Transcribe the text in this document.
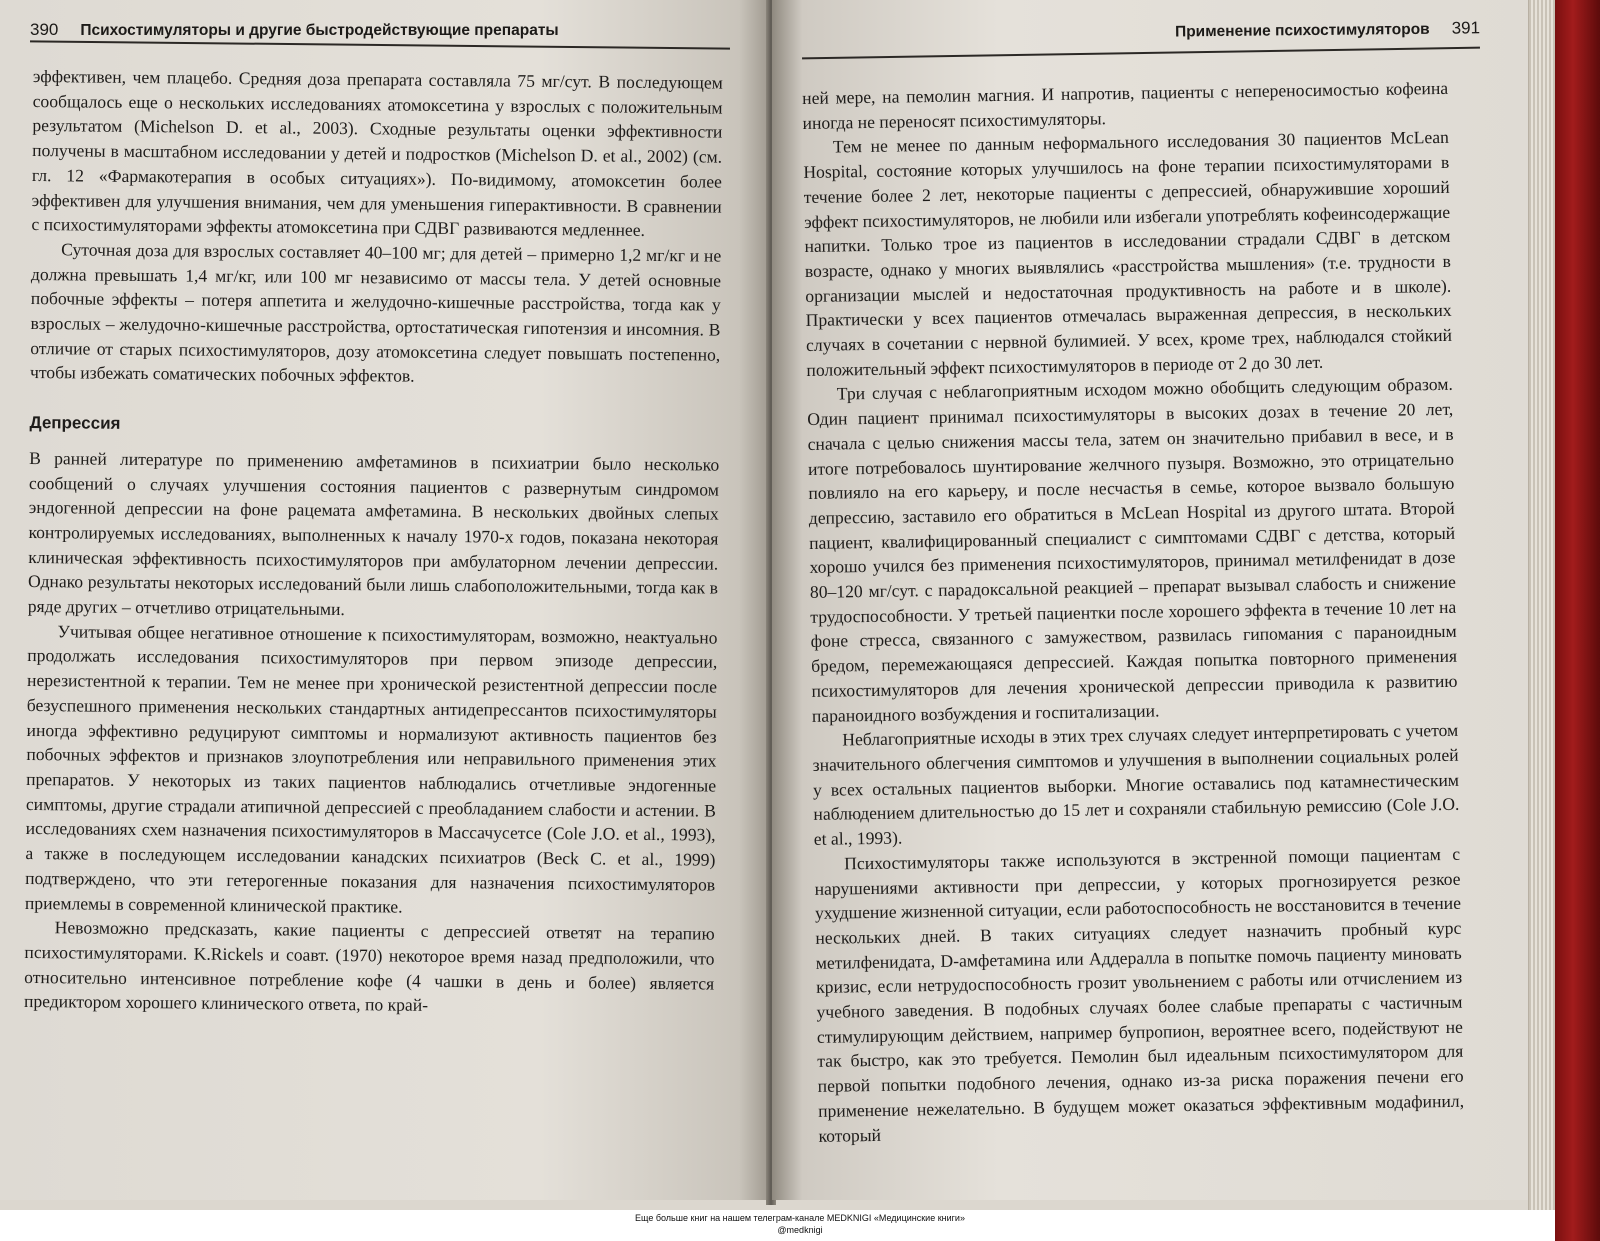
390 Психостимуляторы и другие быстродействующие препараты

эффективен, чем плацебо. Средняя доза препарата составляла 75 мг/сут. В последующем сообщалось еще о нескольких исследованиях атомоксетина у взрослых с положительным результатом (Michelson D. et al., 2003). Сходные результаты оценки эффективности получены в масштабном исследовании у детей и подростков (Michelson D. et al., 2002) (см. гл. 12 «Фармакотерапия в особых ситуациях»). По-видимому, атомоксетин более эффективен для улучшения внимания, чем для уменьшения гиперактивности. В сравнении с психостимуляторами эффекты атомоксетина при СДВГ развиваются медленнее.

Суточная доза для взрослых составляет 40–100 мг; для детей – примерно 1,2 мг/кг и не должна превышать 1,4 мг/кг, или 100 мг независимо от массы тела. У детей основные побочные эффекты – потеря аппетита и желудочно-кишечные расстройства, тогда как у взрослых – желудочно-кишечные расстройства, ортостатическая гипотензия и инсомния. В отличие от старых психостимуляторов, дозу атомоксетина следует повышать постепенно, чтобы избежать соматических побочных эффектов.

Депрессия

В ранней литературе по применению амфетаминов в психиатрии было несколько сообщений о случаях улучшения состояния пациентов с развернутым синдромом эндогенной депрессии на фоне рацемата амфетамина. В нескольких двойных слепых контролируемых исследованиях, выполненных к началу 1970-х годов, показана некоторая клиническая эффективность психостимуляторов при амбулаторном лечении депрессии. Однако результаты некоторых исследований были лишь слабоположительными, тогда как в ряде других – отчетливо отрицательными.

Учитывая общее негативное отношение к психостимуляторам, возможно, неактуально продолжать исследования психостимуляторов при первом эпизоде депрессии, нерезистентной к терапии. Тем не менее при хронической резистентной депрессии после безуспешного применения нескольких стандартных антидепрессантов психостимуляторы иногда эффективно редуцируют симптомы и нормализуют активность пациентов без побочных эффектов и признаков злоупотребления или неправильного применения этих препаратов. У некоторых из таких пациентов наблюдались отчетливые эндогенные симптомы, другие страдали атипичной депрессией с преобладанием слабости и астении. В исследованиях схем назначения психостимуляторов в Массачусетсе (Cole J.O. et al., 1993), а также в последующем исследовании канадских психиатров (Beck C. et al., 1999) подтверждено, что эти гетерогенные показания для назначения психостимуляторов приемлемы в современной клинической практике.

Невозможно предсказать, какие пациенты с депрессией ответят на терапию психостимуляторами. K.Rickels и соавт. (1970) некоторое время назад предположили, что относительно интенсивное потребление кофе (4 чашки в день и более) является предиктором хорошего клинического ответа, по край-

Применение психостимуляторов 391

ней мере, на пемолин магния. И напротив, пациенты с непереносимостью кофеина иногда не переносят психостимуляторы.

Тем не менее по данным неформального исследования 30 пациентов McLean Hospital, состояние которых улучшилось на фоне терапии психостимуляторами в течение более 2 лет, некоторые пациенты с депрессией, обнаружившие хороший эффект психостимуляторов, не любили или избегали употреблять кофеинсодержащие напитки. Только трое из пациентов в исследовании страдали СДВГ в детском возрасте, однако у многих выявлялись «расстройства мышления» (т.е. трудности в организации мыслей и недостаточная продуктивность на работе и в школе). Практически у всех пациентов отмечалась выраженная депрессия, в нескольких случаях в сочетании с нервной булимией. У всех, кроме трех, наблюдался стойкий положительный эффект психостимуляторов в периоде от 2 до 30 лет.

Три случая с неблагоприятным исходом можно обобщить следующим образом. Один пациент принимал психостимуляторы в высоких дозах в течение 20 лет, сначала с целью снижения массы тела, затем он значительно прибавил в весе, и в итоге потребовалось шунтирование желчного пузыря. Возможно, это отрицательно повлияло на его карьеру, и после несчастья в семье, которое вызвало большую депрессию, заставило его обратиться в McLean Hospital из другого штата. Второй пациент, квалифицированный специалист с симптомами СДВГ с детства, который хорошо учился без применения психостимуляторов, принимал метилфенидат в дозе 80–120 мг/сут. с парадоксальной реакцией – препарат вызывал слабость и снижение трудоспособности. У третьей пациентки после хорошего эффекта в течение 10 лет на фоне стресса, связанного с замужеством, развилась гипомания с параноидным бредом, перемежающаяся депрессией. Каждая попытка повторного применения психостимуляторов для лечения хронической депрессии приводила к развитию параноидного возбуждения и госпитализации.

Неблагоприятные исходы в этих трех случаях следует интерпретировать с учетом значительного облегчения симптомов и улучшения в выполнении социальных ролей у всех остальных пациентов выборки. Многие оставались под катамнестическим наблюдением длительностью до 15 лет и сохраняли стабильную ремиссию (Cole J.O. et al., 1993).

Психостимуляторы также используются в экстренной помощи пациентам с нарушениями активности при депрессии, у которых прогнозируется резкое ухудшение жизненной ситуации, если работоспособность не восстановится в течение нескольких дней. В таких ситуациях следует назначить пробный курс метилфенидата, D-амфетамина или Аддералла в попытке помочь пациенту миновать кризис, если нетрудоспособность грозит увольнением с работы или отчислением из учебного заведения. В подобных случаях более слабые препараты с частичным стимулирующим действием, например бупропион, вероятнее всего, подействуют не так быстро, как это требуется. Пемолин был идеальным психостимулятором для первой попытки подобного лечения, однако из-за риска поражения печени его применение нежелательно. В будущем может оказаться эффективным модафинил, который

Еще больше книг на нашем телеграм-канале MEDKNIGI «Медицинские книги»
@medknigi
